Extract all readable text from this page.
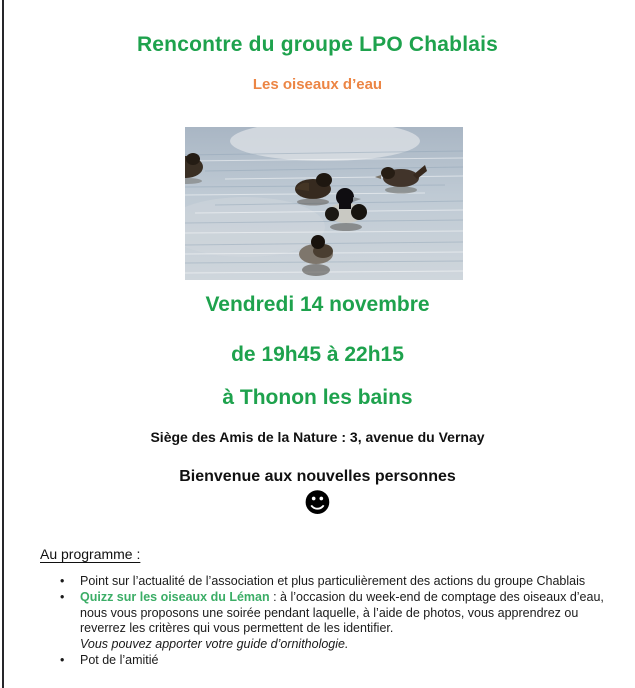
Rencontre du groupe LPO Chablais
Les oiseaux d’eau
Vendredi 14 novembre
de 19h45 à 22h15
à Thonon les bains
Siège des Amis de la Nature : 3, avenue du Vernay
Bienvenue aux nouvelles personnes
☻
Au programme :
•	Point sur l’actualité de l’association et plus particulièrement des actions du groupe Chablais
•	Quizz sur les oiseaux du Léman : à l’occasion du week-end de comptage des oiseaux d’eau, nous vous proposons une soirée pendant laquelle, à l’aide de photos, vous apprendrez ou reverrez les critères qui vous permettent de les identifier.
Vous pouvez apporter votre guide d’ornithologie.
•	Pot de l’amitié
